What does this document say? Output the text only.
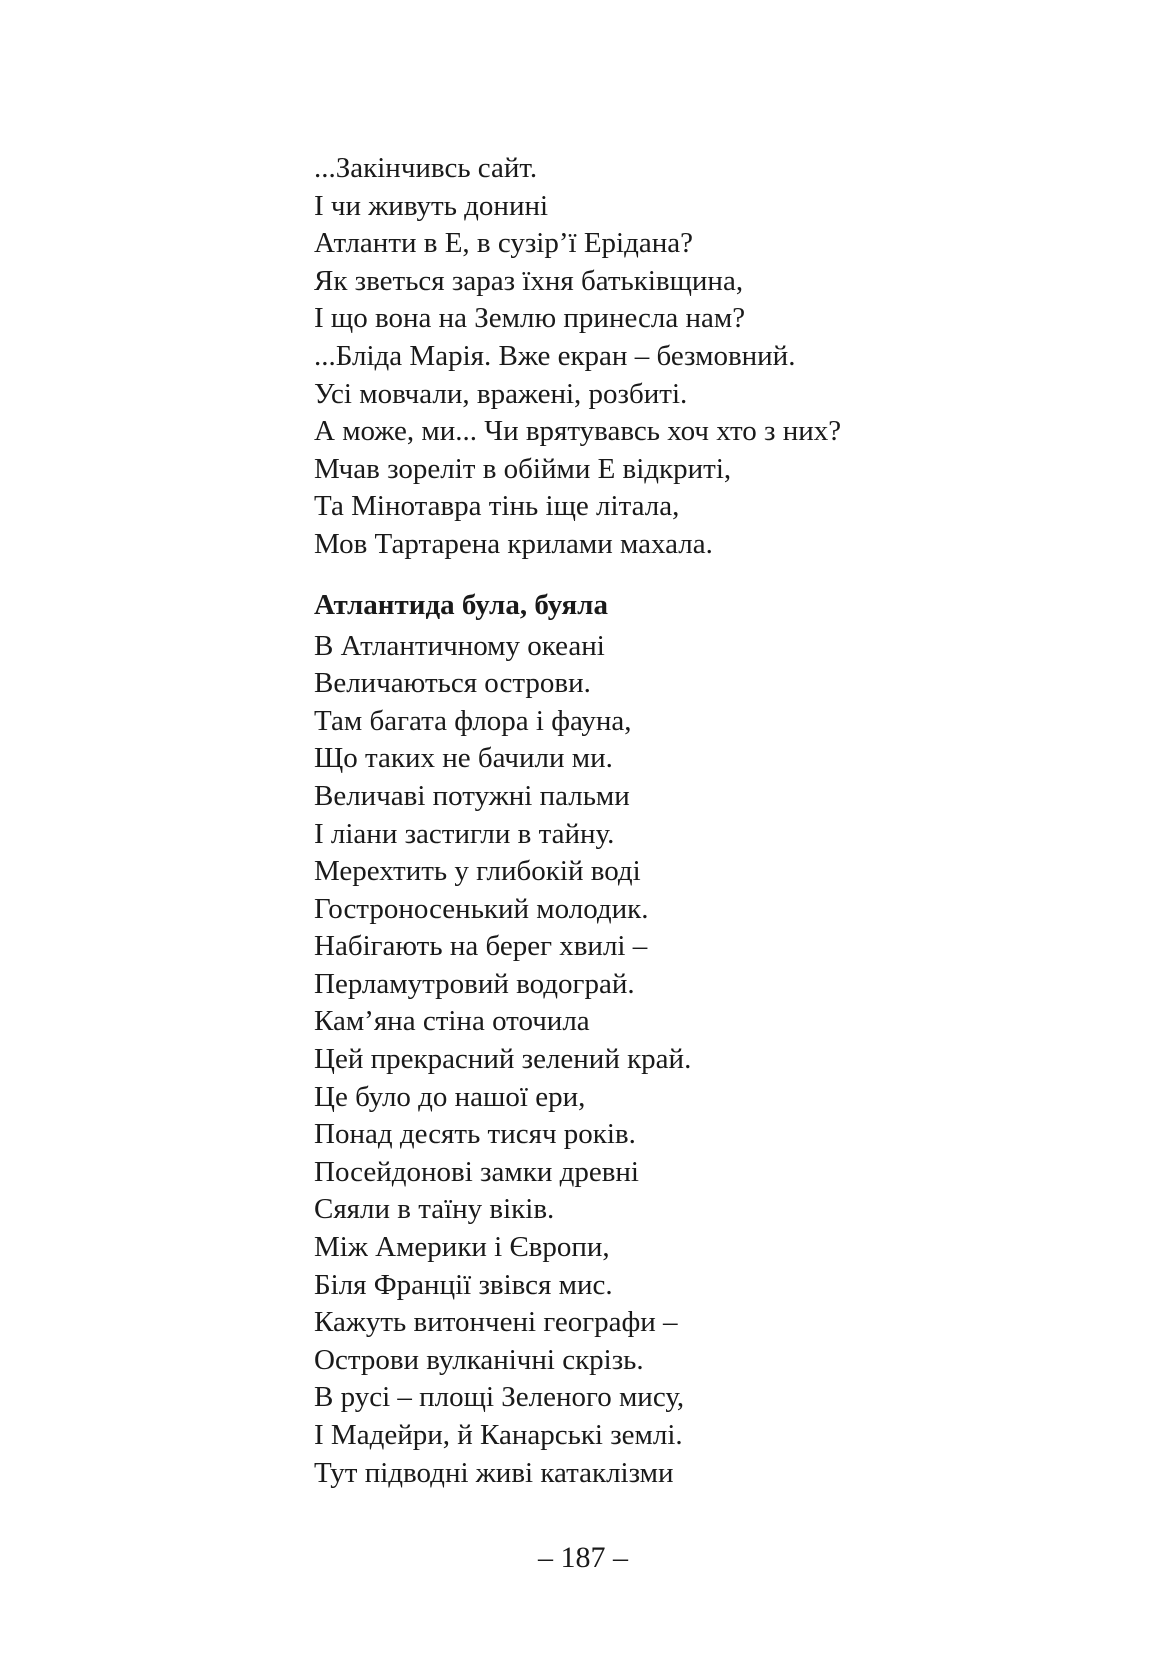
...Закінчивсь сайт.
І чи живуть донині
Атланти в Е, в сузір’ї Ерідана?
Як зветься зараз їхня батьківщина,
І що вона на Землю принесла нам?
...Бліда Марія. Вже екран – безмовний.
Усі мовчали, вражені, розбиті.
А може, ми... Чи врятувавсь хоч хто з них?
Мчав зореліт в обійми Е відкриті,
Та Мінотавра тінь іще літала,
Мов Тартарена крилами махала.
Атлантида була, буяла
В Атлантичному океані
Величаються острови.
Там багата флора і фауна,
Що таких не бачили ми.
Величаві потужні пальми
І ліани застигли в тайну.
Мерехтить у глибокій воді
Гостроносенький молодик.
Набігають на берег хвилі –
Перламутровий водограй.
Кам’яна стіна оточила
Цей прекрасний зелений край.
Це було до нашої ери,
Понад десять тисяч років.
Посейдонові замки древні
Сяяли в таїну віків.
Між Америки і Європи,
Біля Франції звівся мис.
Кажуть витончені географи –
Острови вулканічні скрізь.
В русі – площі Зеленого мису,
І Мадейри, й Канарські землі.
Тут підводні живі катаклізми
– 187 –
